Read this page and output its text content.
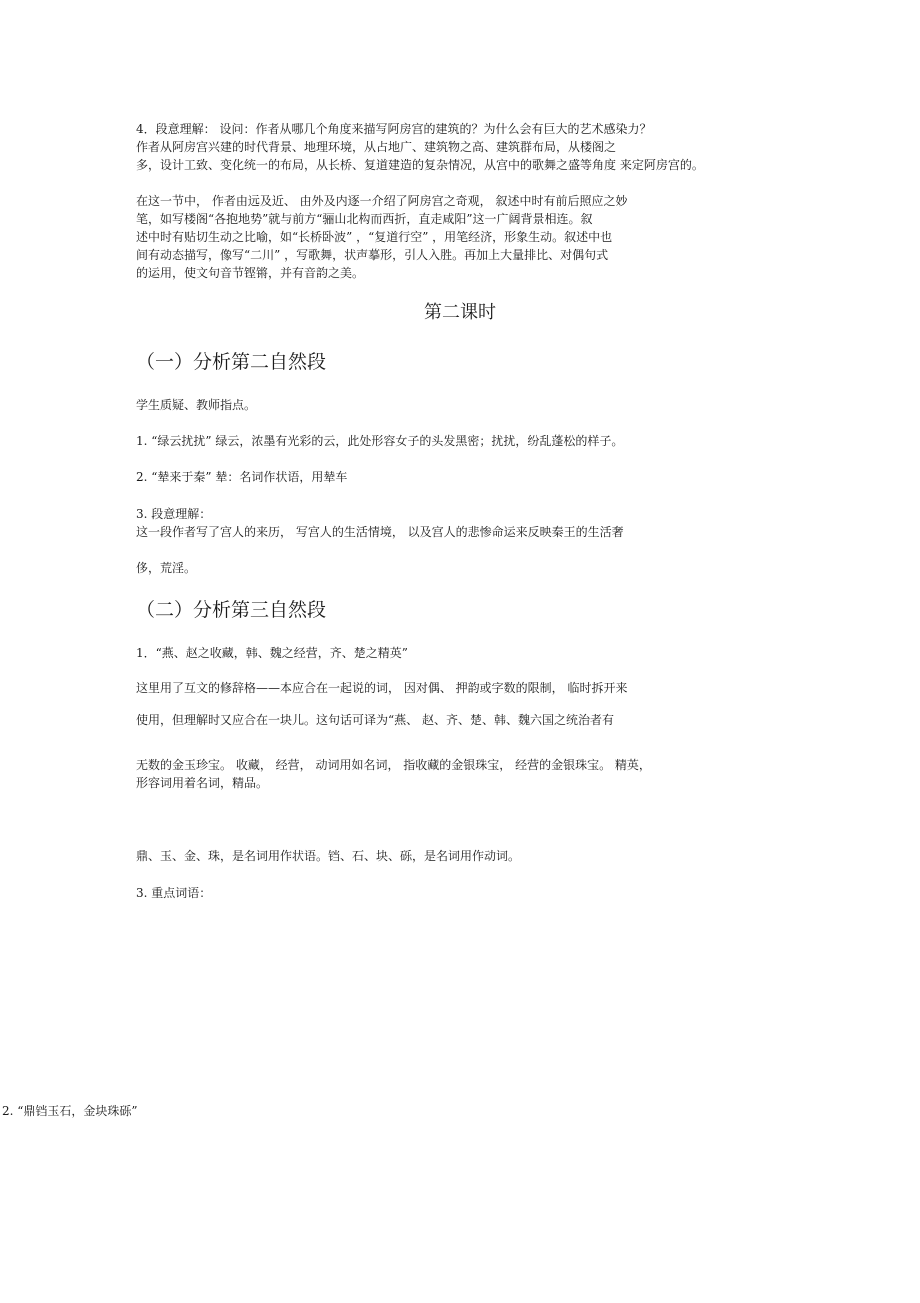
4．段意理解： 设问：作者从哪几个角度来描写阿房宫的建筑的？为什么会有巨大的艺术感染力？
作者从阿房宫兴建的时代背景、地理环境，从占地广、建筑物之高、建筑群布局，从楼阁之
多，设计工致、变化统一的布局，从长桥、复道建造的复杂情况，从宫中的歌舞之盛等角度 来定阿房宫的。
在这一节中， 作者由远及近、 由外及内逐一介绍了阿房宫之奇观， 叙述中时有前后照应之妙
笔，如写楼阁“各抱地势”就与前方“骊山北构而西折，直走咸阳”这一广阔背景相连。叙
述中时有贴切生动之比喻，如“长桥卧波” ，“复道行空” ，用笔经济，形象生动。叙述中也
间有动态描写，像写“二川” ，写歌舞，状声摹形，引人入胜。再加上大量排比、对偶句式
的运用，使文句音节铿锵，并有音韵之美。
第二课时
（一）分析第二自然段
学生质疑、教师指点。
1. “绿云扰扰” 绿云，浓墨有光彩的云，此处形容女子的头发黑密；扰扰，纷乱蓬松的样子。
2. “辇来于秦” 辇：名词作状语，用辇车
3. 段意理解：
这一段作者写了宫人的来历， 写宫人的生活情境， 以及宫人的悲惨命运来反映秦王的生活奢
侈，荒淫。
（二）分析第三自然段
1．“燕、赵之收藏，韩、魏之经营，齐、楚之精英”
这里用了互文的修辞格——本应合在一起说的词， 因对偶、 押韵或字数的限制， 临时拆开来
使用，但理解时又应合在一块儿。这句话可译为“燕、 赵、齐、楚、韩、魏六国之统治者有
无数的金玉珍宝。 收藏， 经营， 动词用如名词， 指收藏的金银珠宝， 经营的金银珠宝。 精英，
形容词用着名词，精品。
鼎、玉、金、珠，是名词用作状语。铛、石、块、砾，是名词用作动词。
3. 重点词语：
2. “鼎铛玉石，金块珠砾”
